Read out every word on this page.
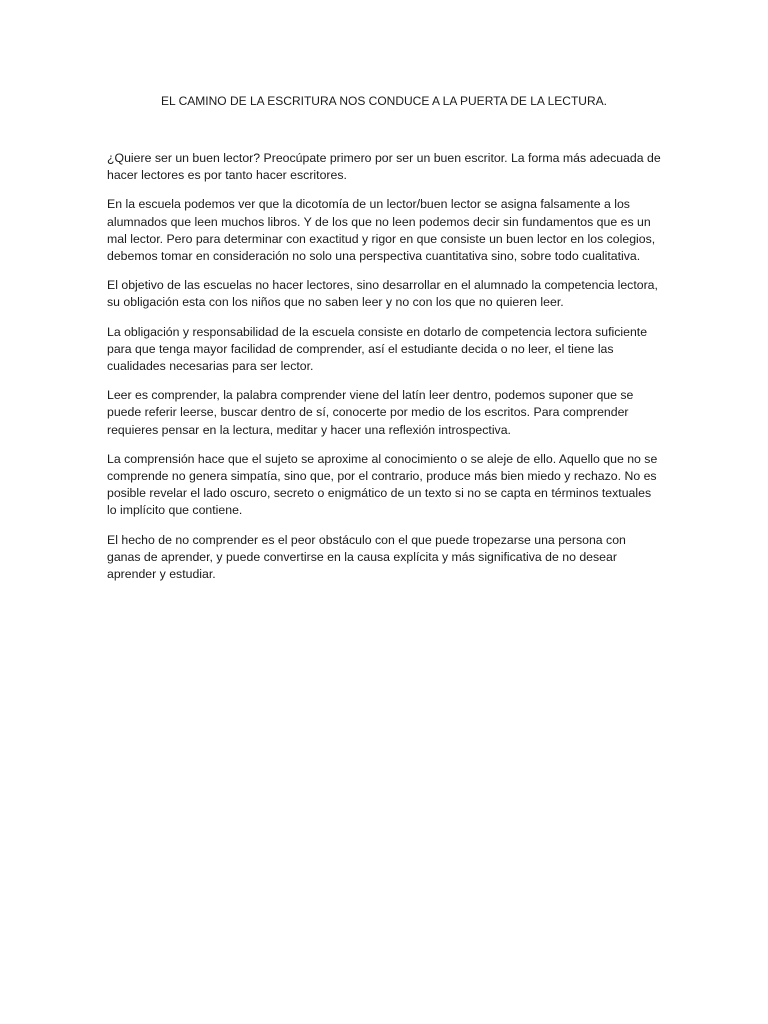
EL CAMINO DE LA ESCRITURA NOS CONDUCE A LA PUERTA DE LA LECTURA.

¿Quiere ser un buen lector? Preocúpate primero por ser un buen escritor. La forma más adecuada de hacer lectores es por tanto hacer escritores.

En la escuela podemos ver que la dicotomía de un lector/buen lector se asigna falsamente a los alumnados que leen muchos libros. Y de los que no leen podemos decir sin fundamentos que es un mal lector. Pero para determinar con exactitud y rigor en que consiste un buen lector en los colegios, debemos tomar en consideración no solo una perspectiva cuantitativa sino, sobre todo cualitativa.

El objetivo de las escuelas no hacer lectores, sino desarrollar en el alumnado la competencia lectora, su obligación esta con los niños que no saben leer y no con los que no quieren leer.

La obligación y responsabilidad de la escuela consiste en dotarlo de competencia lectora suficiente para que tenga mayor facilidad de comprender, así el estudiante decida o no leer, el tiene las cualidades necesarias para ser lector.

Leer es comprender, la palabra comprender viene del latín leer dentro, podemos suponer que se puede referir leerse, buscar dentro de sí, conocerte por medio de los escritos. Para comprender requieres pensar en la lectura, meditar y hacer una reflexión introspectiva.

La comprensión hace que el sujeto se aproxime al conocimiento o se aleje de ello. Aquello que no se comprende no genera simpatía, sino que, por el contrario, produce más bien miedo y rechazo. No es posible revelar el lado oscuro, secreto o enigmático de un texto si no se capta en términos textuales lo implícito que contiene.

El hecho de no comprender es el peor obstáculo con el que puede tropezarse una persona con ganas de aprender, y puede convertirse en la causa explícita y más significativa de no desear aprender y estudiar.
